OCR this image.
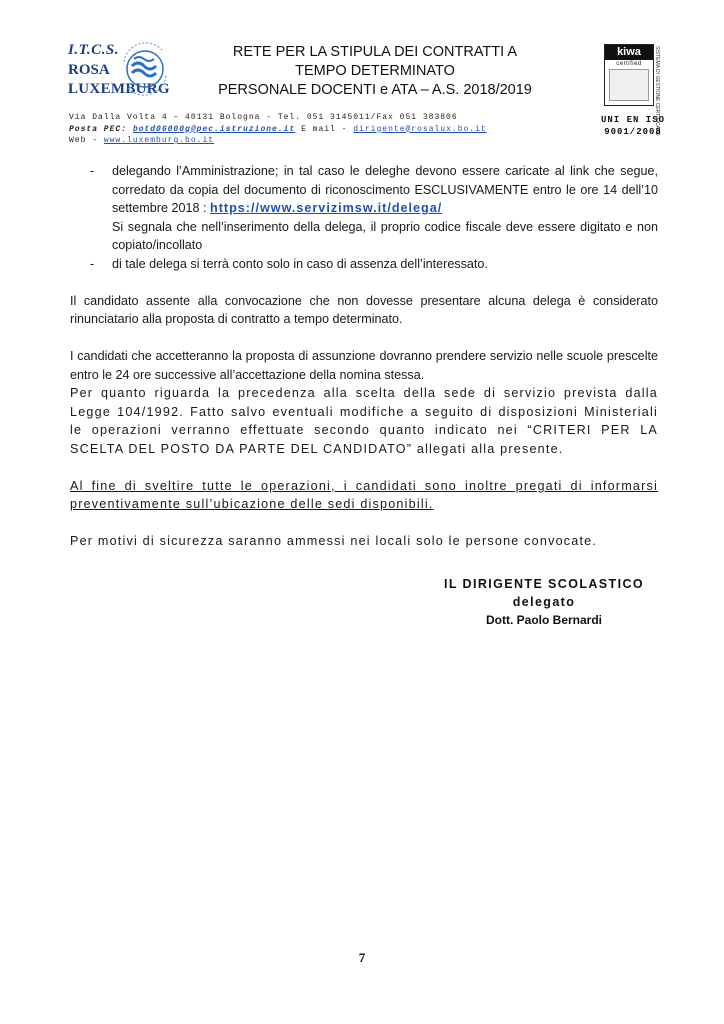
I.T.C.S.
ROSA
LUXEMBURG
RETE PER LA STIPULA DEI CONTRATTI A
TEMPO DETERMINATO
PERSONALE DOCENTI e ATA – A.S. 2018/2019
kiwa
certified	SISTEMA DI GESTIONE CERTIFICATO
UNI EN ISO
9001/2008
Via Dalla Volta 4 – 40131 Bologna - Tel. 051 3145011/Fax 051 383806
Posta PEC: botd06000g@pec.istruzione.it E mail - dirigente@rosalux.bo.it
Web - www.luxemburg.bo.it
- delegando l’Amministrazione; in tal caso le deleghe devono essere caricate al link che segue, corredato da copia del documento di riconoscimento ESCLUSIVAMENTE entro le ore 14 dell’10 settembre 2018 : https://www.servizimsw.it/delega/
Si segnala che nell’inserimento della delega, il proprio codice fiscale deve essere digitato e non copiato/incollato
- di tale delega si terrà conto solo in caso di assenza dell’interessato.
Il candidato assente alla convocazione che non dovesse presentare alcuna delega è considerato rinunciatario alla proposta di contratto a tempo determinato.
I candidati che accetteranno la proposta di assunzione dovranno prendere servizio nelle scuole prescelte entro le 24 ore successive all’accettazione della nomina stessa.
Per quanto riguarda la precedenza alla scelta della sede di servizio prevista dalla Legge 104/1992. Fatto salvo eventuali modifiche a seguito di disposizioni Ministeriali le operazioni verranno effettuate secondo quanto indicato nei “CRITERI PER LA SCELTA DEL POSTO DA PARTE DEL CANDIDATO” allegati alla presente.
Al fine di sveltire tutte le operazioni, i candidati sono inoltre pregati di informarsi preventivamente sull’ubicazione delle sedi disponibili.
Per motivi di sicurezza saranno ammessi nei locali solo le persone convocate.
IL DIRIGENTE SCOLASTICO
delegato
Dott. Paolo Bernardi
7
